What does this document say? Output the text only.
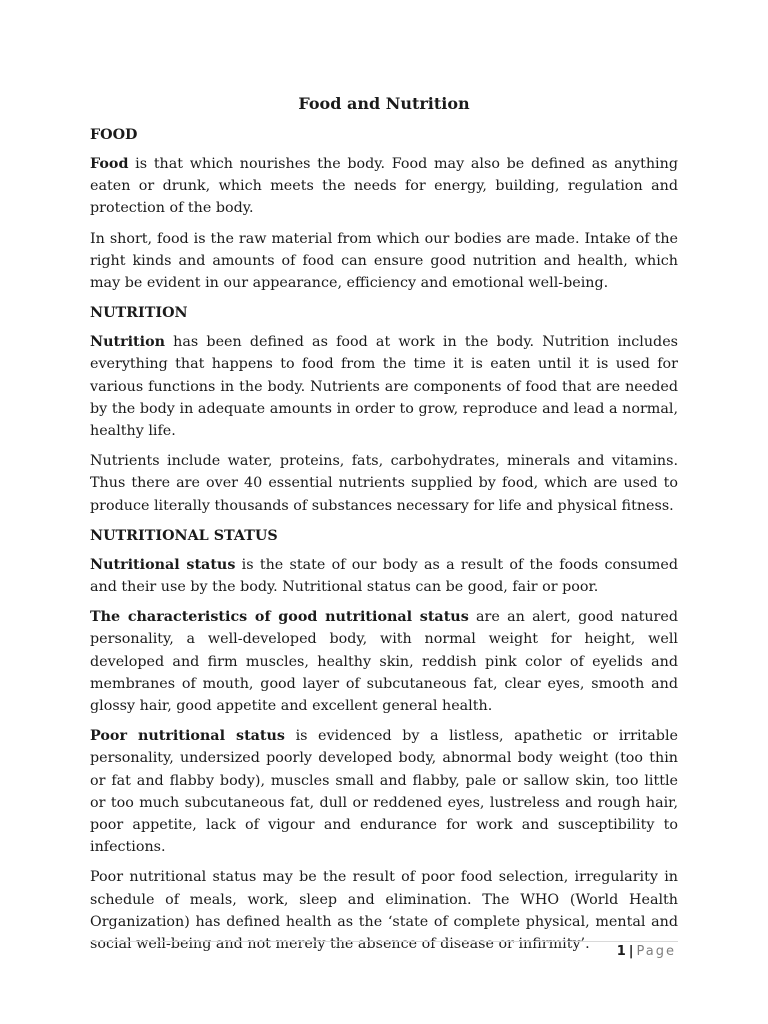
Food and Nutrition
FOOD

Food is that which nourishes the body. Food may also be defined as anything eaten or drunk, which meets the needs for energy, building, regulation and protection of the body.

In short, food is the raw material from which our bodies are made. Intake of the right kinds and amounts of food can ensure good nutrition and health, which may be evident in our appearance, efficiency and emotional well-being.

NUTRITION

Nutrition has been defined as food at work in the body. Nutrition includes everything that happens to food from the time it is eaten until it is used for various functions in the body. Nutrients are components of food that are needed by the body in adequate amounts in order to grow, reproduce and lead a normal, healthy life.

Nutrients include water, proteins, fats, carbohydrates, minerals and vitamins. Thus there are over 40 essential nutrients supplied by food, which are used to produce literally thousands of substances necessary for life and physical fitness.

NUTRITIONAL STATUS

Nutritional status is the state of our body as a result of the foods consumed and their use by the body. Nutritional status can be good, fair or poor.

The characteristics of good nutritional status are an alert, good natured personality, a well-developed body, with normal weight for height, well developed and firm muscles, healthy skin, reddish pink color of eyelids and membranes of mouth, good layer of subcutaneous fat, clear eyes, smooth and glossy hair, good appetite and excellent general health.

Poor nutritional status is evidenced by a listless, apathetic or irritable personality, undersized poorly developed body, abnormal body weight (too thin or fat and flabby body), muscles small and flabby, pale or sallow skin, too little or too much subcutaneous fat, dull or reddened eyes, lustreless and rough hair, poor appetite, lack of vigour and endurance for work and susceptibility to infections.

Poor nutritional status may be the result of poor food selection, irregularity in schedule of meals, work, sleep and elimination. The WHO (World Health Organization) has defined health as the ‘state of complete physical, mental and social well-being and not merely the absence of disease or infirmity’.	1 | Page
